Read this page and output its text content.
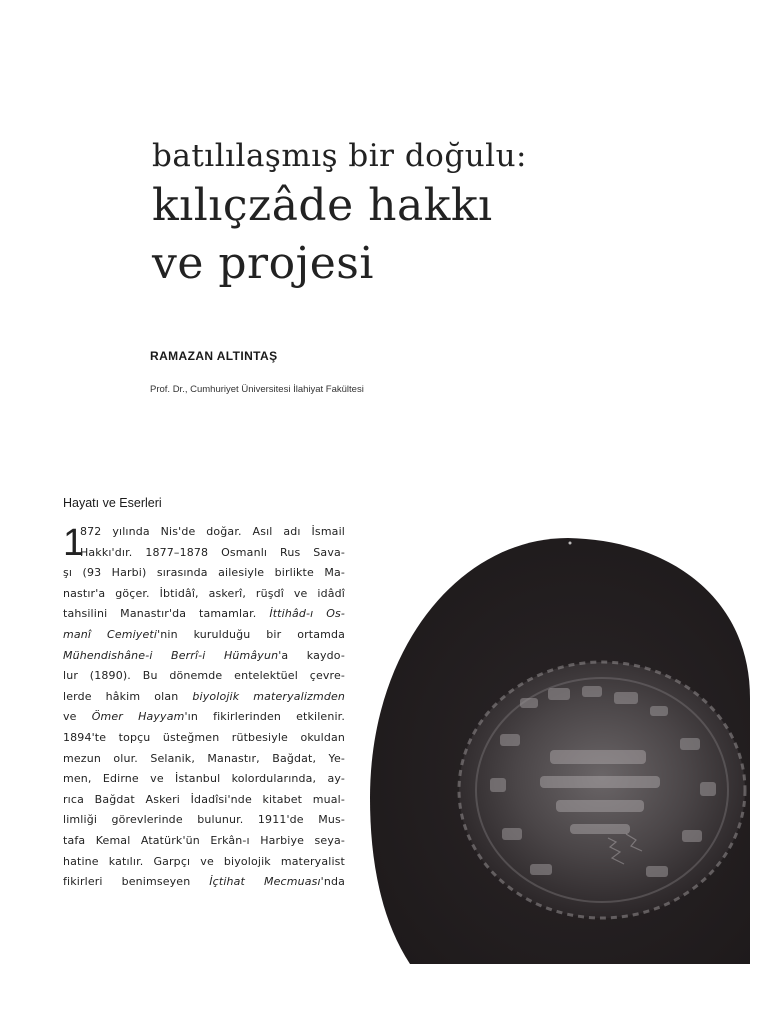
batılılaşmış bir doğulu:
kılıçzâde hakkı
ve projesi
RAMAZAN ALTINTAŞ
Prof. Dr., Cumhuriyet Üniversitesi İlahiyat Fakültesi
Hayatı ve Eserleri
1
872 yılında Nis'de doğar. Asıl adı İsmail
Hakkı'dır. 1877–1878 Osmanlı Rus Sava-
şı (93 Harbi) sırasında ailesiyle birlikte Ma-
nastır'a göçer. İbtidâî, askerî, rüşdî ve idâdî
tahsilini Manastır'da tamamlar. İttihâd-ı Os-
manî Cemiyeti'nin kurulduğu bir ortamda
Mühendishâne-i Berrî-i Hümâyun'a kaydo-
lur (1890). Bu dönemde entelektüel çevre-
lerde hâkim olan biyolojik materyalizmden
ve Ömer Hayyam'ın fikirlerinden etkilenir.
1894'te topçu üsteğmen rütbesiyle okuldan
mezun olur. Selanik, Manastır, Bağdat, Ye-
men, Edirne ve İstanbul kolordularında, ay-
rıca Bağdat Askeri İdadîsi'nde kitabet mual-
limliği görevlerinde bulunur. 1911'de Mus-
tafa Kemal Atatürk'ün Erkân-ı Harbiye seya-
hatine katılır. Garpçı ve biyolojik materyalist
fikirleri benimseyen İçtihat Mecmuası'nda
